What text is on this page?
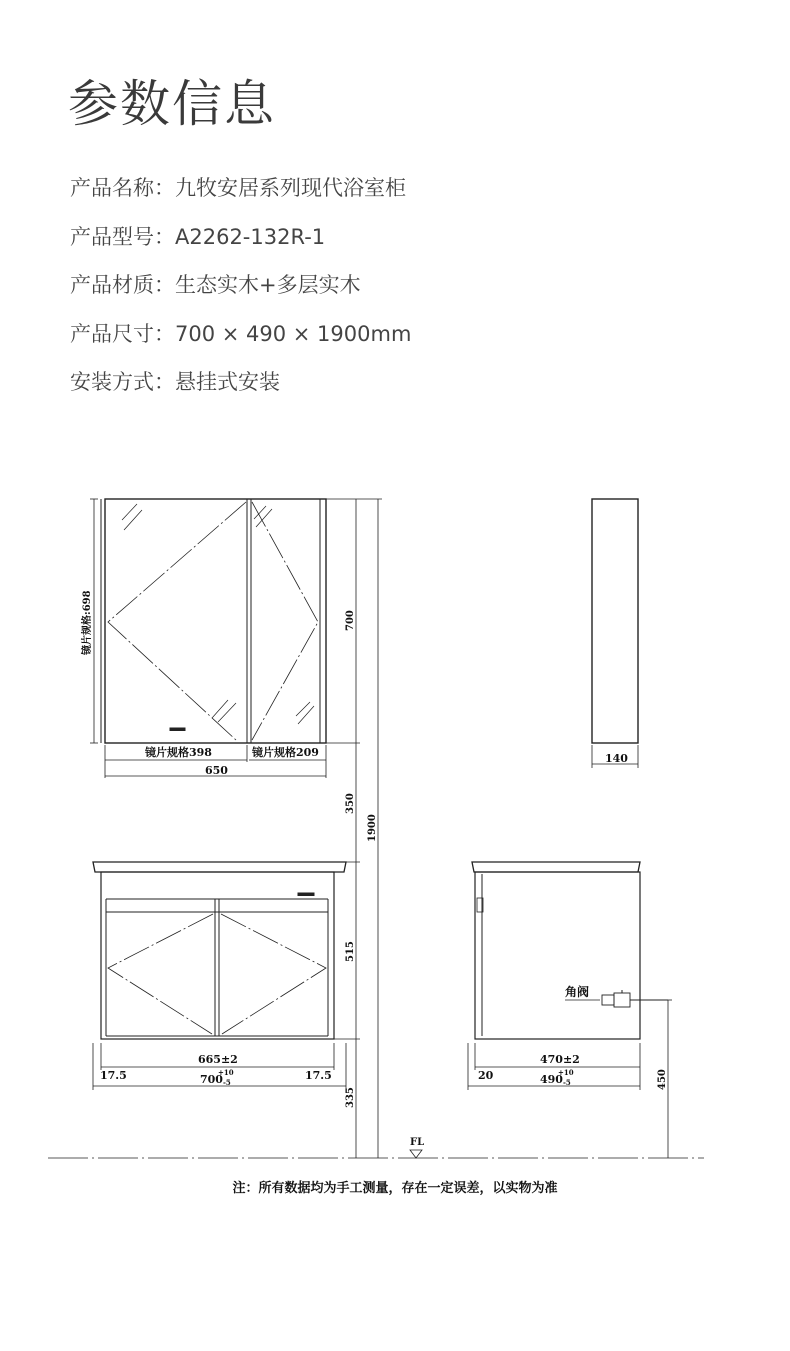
参数信息
产品名称：九牧安居系列现代浴室柜
产品型号：A2262-132R-1
产品材质：生态实木+多层实木
产品尺寸：700 × 490 × 1900mm
安装方式：悬挂式安装
镜片规格:698
镜片规格398	镜片规格209
650
700
350
1900
140
515
665±2
17.5	17.5
700-5
+10
335
角阀
470±2
20	490-5
+10	450
FL
注：所有数据均为手工测量，存在一定误差，以实物为准
